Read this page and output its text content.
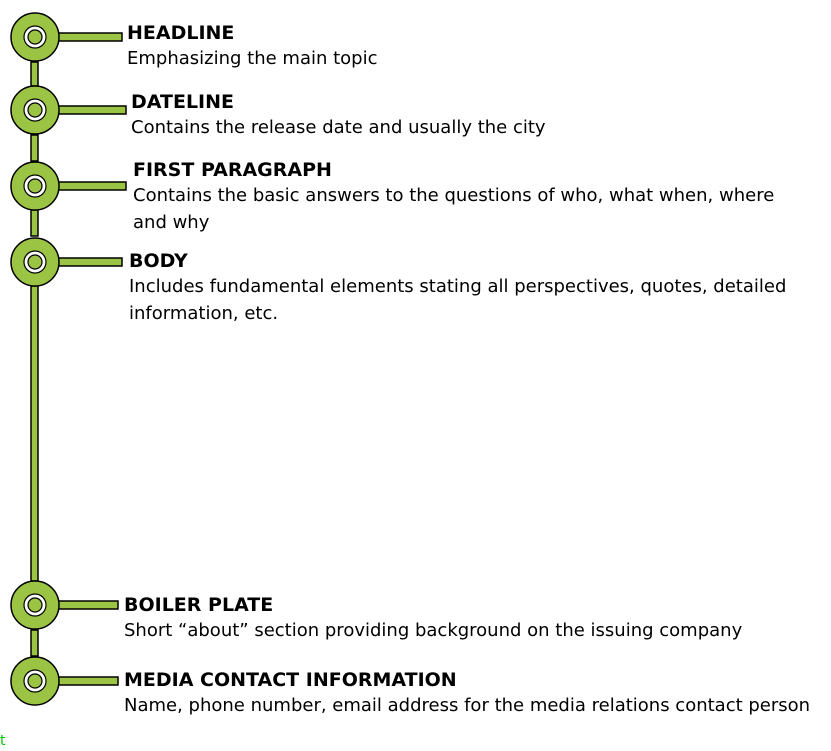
HEADLINE

Emphasizing the main topic

DATELINE

Contains the release date and usually the city

FIRST PARAGRAPH

Contains the basic answers to the questions of who, what when, where and why

BODY

Includes fundamental elements stating all perspectives, quotes, detailed information, etc.

BOILER PLATE

Short “about” section providing background on the issuing company

MEDIA CONTACT INFORMATION

Name, phone number, email address for the media relations contact person

t
